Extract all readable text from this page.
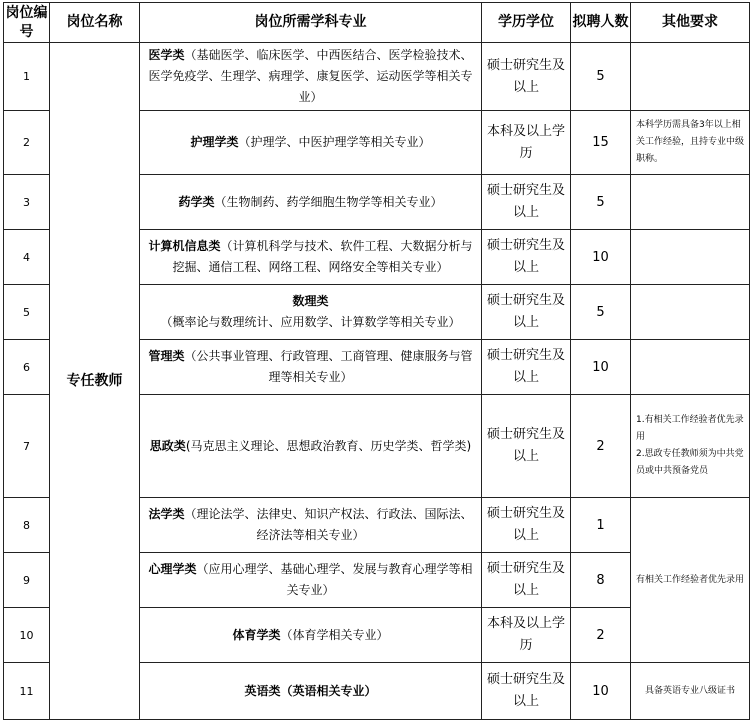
岗位编号	岗位名称	岗位所需学科专业	学历学位	拟聘人数	其他要求
1	专任教师	医学类（基础医学、临床医学、中西医结合、医学检验技术、医学免疫学、生理学、病理学、康复医学、运动医学等相关专业）	硕士研究生及以上	5	
2		护理学类（护理学、中医护理学等相关专业）	本科及以上学历	15	本科学历需具备3年以上相关工作经验，且持专业中级职称。
3		药学类（生物制药、药学细胞生物学等相关专业）	硕士研究生及以上	5	
4		计算机信息类（计算机科学与技术、软件工程、大数据分析与挖掘、通信工程、网络工程、网络安全等相关专业）	硕士研究生及以上	10	
5		数理类（概率论与数理统计、应用数学、计算数学等相关专业）	硕士研究生及以上	5	
6		管理类（公共事业管理、行政管理、工商管理、健康服务与管理等相关专业）	硕士研究生及以上	10	
7		思政类(马克思主义理论、思想政治教育、历史学类、哲学类)	硕士研究生及以上	2	1.有相关工作经验者优先录用
2.思政专任教师须为中共党员或中共预备党员

8		法学类（理论法学、法律史、知识产权法、行政法、国际法、经济法等相关专业）	硕士研究生及以上	1	有相关工作经验者优先录用
9		心理学类（应用心理学、基础心理学、发展与教育心理学等相关专业）	硕士研究生及以上	8	
10		体育学类（体育学相关专业）	本科及以上学历	2	
11		英语类（英语相关专业）	硕士研究生及以上	10	具备英语专业八级证书
